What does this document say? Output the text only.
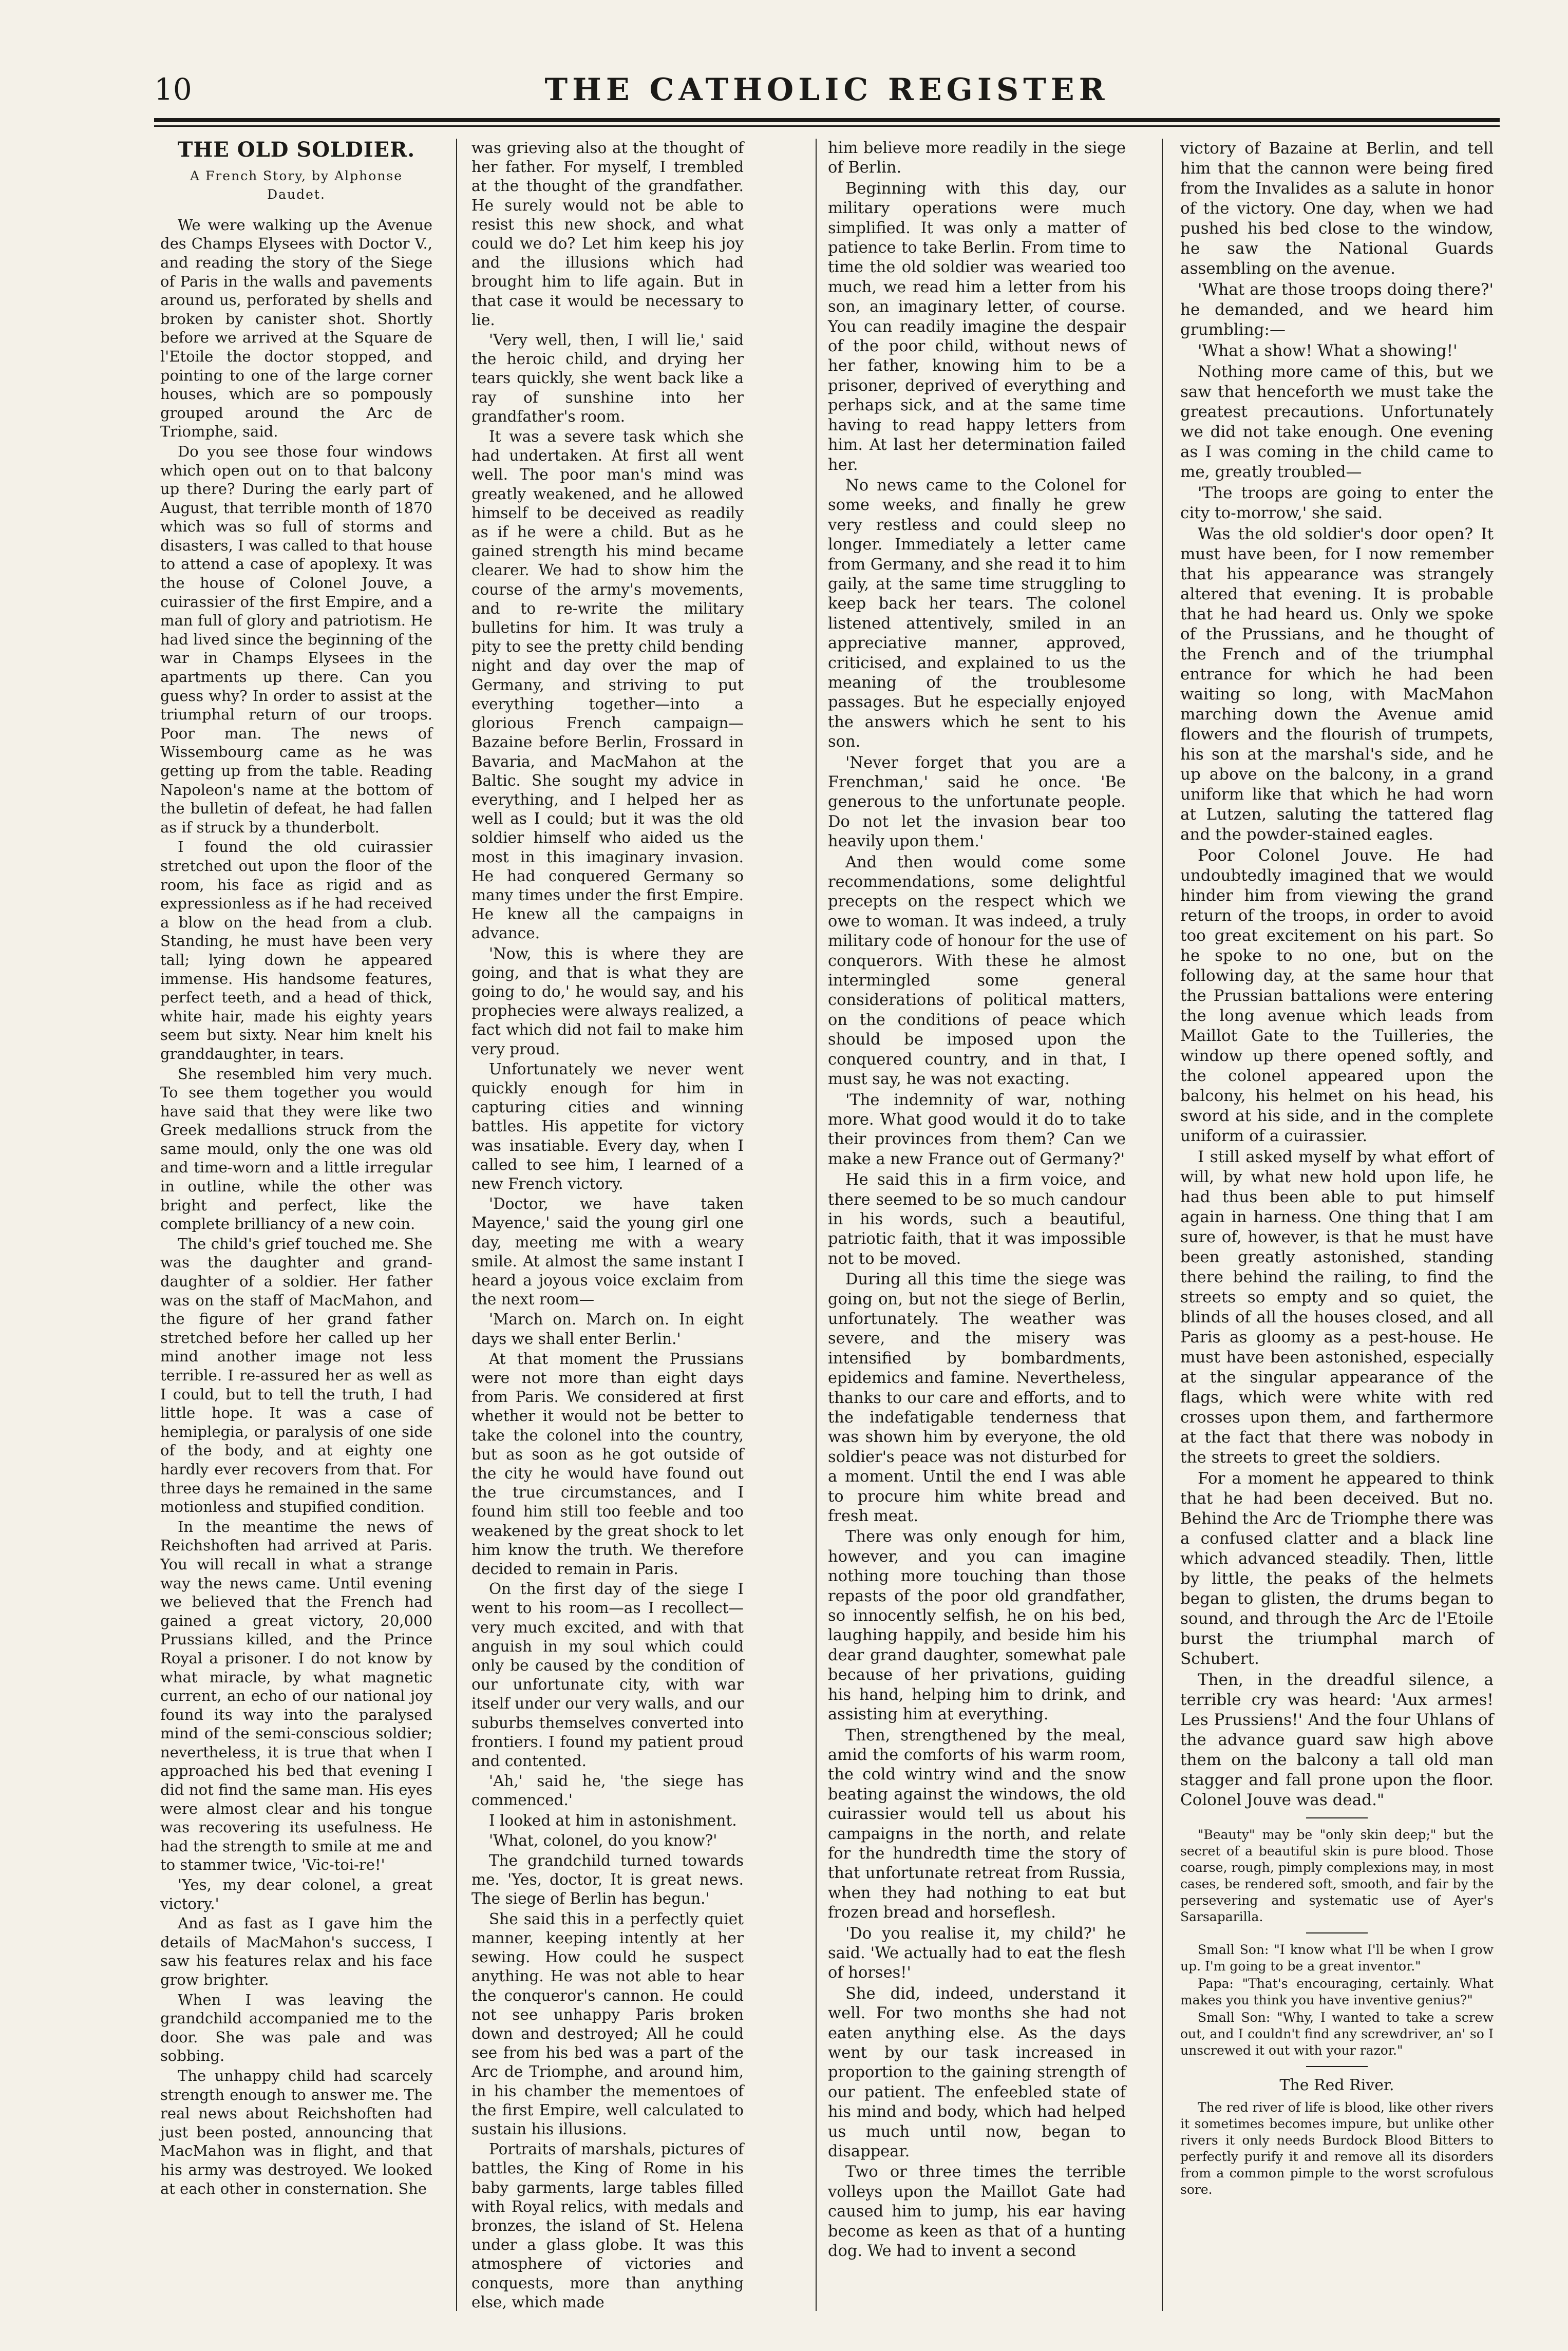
10	THE CATHOLIC REGISTER
THE OLD SOLDIER.
A French Story, by Alphonse Daudet.

We were walking up the Avenue des Champs Elysees with Doctor V., and reading the story of the Siege of Paris in the walls and pavements around us, perforated by shells and broken by canister shot. Shortly before we arrived at the Square de l'Etoile the doctor stopped, and pointing to one of the large corner houses, which are so pompously grouped around the Arc de Triomphe, said.

Do you see those four windows which open out on to that balcony up there? During the early part of August, that terrible month of 1870 which was so full of storms and disasters, I was called to that house to attend a case of apoplexy. It was the house of Colonel Jouve, a cuirassier of the first Empire, and a man full of glory and patriotism. He had lived since the beginning of the war in Champs Elysees in the apartments up there. Can you guess why? In order to assist at the triumphal return of our troops. Poor man. The news of Wissembourg came as he was getting up from the table. Reading Napoleon's name at the bottom of the bulletin of defeat, he had fallen as if struck by a thunderbolt.

I found the old cuirassier stretched out upon the floor of the room, his face as rigid and as expressionless as if he had received a blow on the head from a club. Standing, he must have been very tall; lying down he appeared immense. His handsome features, perfect teeth, and a head of thick, white hair, made his eighty years seem but sixty. Near him knelt his granddaughter, in tears.

She resembled him very much. To see them together you would have said that they were like two Greek medallions struck from the same mould, only the one was old and time-worn and a little irregular in outline, while the other was bright and perfect, like the complete brilliancy of a new coin.

The child's grief touched me. She was the daughter and grand-daughter of a soldier. Her father was on the staff of MacMahon, and the figure of her grand father stretched before her called up her mind another image not less terrible. I re-assured her as well as I could, but to tell the truth, I had little hope. It was a case of hemiplegia, or paralysis of one side of the body, and at eighty one hardly ever recovers from that. For three days he remained in the same motionless and stupified condition.

In the meantime the news of Reichshoften had arrived at Paris. You will recall in what a strange way the news came. Until evening we believed that the French had gained a great victory, 20,000 Prussians killed, and the Prince Royal a prisoner. I do not know by what miracle, by what magnetic current, an echo of our national joy found its way into the paralysed mind of the semi-conscious soldier; nevertheless, it is true that when I approached his bed that evening I did not find the same man. His eyes were almost clear and his tongue was recovering its usefulness. He had the strength to smile at me and to stammer twice, 'Vic-toi-re!'

'Yes, my dear colonel, a great victory.'

And as fast as I gave him the details of MacMahon's success, I saw his features relax and his face grow brighter.

When I was leaving the grandchild accompanied me to the door. She was pale and was sobbing.

The unhappy child had scarcely strength enough to answer me. The real news about Reichshoften had just been posted, announcing that MacMahon was in flight, and that his army was destroyed. We looked at each other in consternation. She

was grieving also at the thought of her father. For myself, I trembled at the thought of the grandfather. He surely would not be able to resist this new shock, and what could we do? Let him keep his joy and the illusions which had brought him to life again. But in that case it would be necessary to lie.

'Very well, then, I will lie,' said the heroic child, and drying her tears quickly, she went back like a ray of sunshine into her grandfather's room.

It was a severe task which she had undertaken. At first all went well. The poor man's mind was greatly weakened, and he allowed himself to be deceived as readily as if he were a child. But as he gained strength his mind became clearer. We had to show him the course of the army's movements, and to re-write the military bulletins for him. It was truly a pity to see the pretty child bending night and day over the map of Germany, and striving to put everything together—into a glorious French campaign—Bazaine before Berlin, Frossard in Bavaria, and MacMahon at the Baltic. She sought my advice in everything, and I helped her as well as I could; but it was the old soldier himself who aided us the most in this imaginary invasion. He had conquered Germany so many times under the first Empire. He knew all the campaigns in advance.

'Now, this is where they are going, and that is what they are going to do,' he would say, and his prophecies were always realized, a fact which did not fail to make him very proud.

Unfortunately we never went quickly enough for him in capturing cities and winning battles. His appetite for victory was insatiable. Every day, when I called to see him, I learned of a new French victory.

'Doctor, we have taken Mayence,' said the young girl one day, meeting me with a weary smile. At almost the same instant I heard a joyous voice exclaim from the next room—

'March on. March on. In eight days we shall enter Berlin.'

At that moment the Prussians were not more than eight days from Paris. We considered at first whether it would not be better to take the colonel into the country, but as soon as he got outside of the city he would have found out the true circumstances, and I found him still too feeble and too weakened by the great shock to let him know the truth. We therefore decided to remain in Paris.

On the first day of the siege I went to his room—as I recollect—very much excited, and with that anguish in my soul which could only be caused by the condition of our unfortunate city, with war itself under our very walls, and our suburbs themselves converted into frontiers. I found my patient proud and contented.

'Ah,' said he, 'the siege has commenced.'

I looked at him in astonishment.

'What, colonel, do you know?'

The grandchild turned towards me. 'Yes, doctor, It is great news. The siege of Berlin has begun.'

She said this in a perfectly quiet manner, keeping intently at her sewing. How could he suspect anything. He was not able to hear the conqueror's cannon. He could not see unhappy Paris broken down and destroyed; All he could see from his bed was a part of the Arc de Triomphe, and around him, in his chamber the mementoes of the first Empire, well calculated to sustain his illusions.

Portraits of marshals, pictures of battles, the King of Rome in his baby garments, large tables filled with Royal relics, with medals and bronzes, the island of St. Helena under a glass globe. It was this atmosphere of victories and conquests, more than anything else, which made

him believe more readily in the siege of Berlin.

Beginning with this day, our military operations were much simplified. It was only a matter of patience to take Berlin. From time to time the old soldier was wearied too much, we read him a letter from his son, an imaginary letter, of course. You can readily imagine the despair of the poor child, without news of her father, knowing him to be a prisoner, deprived of everything and perhaps sick, and at the same time having to read happy letters from him. At last her determination failed her.

No news came to the Colonel for some weeks, and finally he grew very restless and could sleep no longer. Immediately a letter came from Germany, and she read it to him gaily, at the same time struggling to keep back her tears. The colonel listened attentively, smiled in an appreciative manner, approved, criticised, and explained to us the meaning of the troublesome passages. But he especially enjoyed the answers which he sent to his son.

'Never forget that you are a Frenchman,' said he once. 'Be generous to the unfortunate people. Do not let the invasion bear too heavily upon them.'

And then would come some recommendations, some delightful precepts on the respect which we owe to woman. It was indeed, a truly military code of honour for the use of conquerors. With these he almost intermingled some general considerations of political matters, on the conditions of peace which should be imposed upon the conquered country, and in that, I must say, he was not exacting.

'The indemnity of war, nothing more. What good would it do to take their provinces from them? Can we make a new France out of Germany?'

He said this in a firm voice, and there seemed to be so much candour in his words, such a beautiful, patriotic faith, that it was impossible not to be moved.

During all this time the siege was going on, but not the siege of Berlin, unfortunately. The weather was severe, and the misery was intensified by bombardments, epidemics and famine. Nevertheless, thanks to our care and efforts, and to the indefatigable tenderness that was shown him by everyone, the old soldier's peace was not disturbed for a moment. Until the end I was able to procure him white bread and fresh meat.

There was only enough for him, however, and you can imagine nothing more touching than those repasts of the poor old grandfather, so innocently selfish, he on his bed, laughing happily, and beside him his dear grand daughter, somewhat pale because of her privations, guiding his hand, helping him to drink, and assisting him at everything.

Then, strengthened by the meal, amid the comforts of his warm room, the cold wintry wind and the snow beating against the windows, the old cuirassier would tell us about his campaigns in the north, and relate for the hundredth time the story of that unfortunate retreat from Russia, when they had nothing to eat but frozen bread and horseflesh.

'Do you realise it, my child?' he said. 'We actually had to eat the flesh of horses!'

She did, indeed, understand it well. For two months she had not eaten anything else. As the days went by our task increased in proportion to the gaining strength of our patient. The enfeebled state of his mind and body, which had helped us much until now, began to disappear.

Two or three times the terrible volleys upon the Maillot Gate had caused him to jump, his ear having become as keen as that of a hunting dog. We had to invent a second

victory of Bazaine at Berlin, and tell him that the cannon were being fired from the Invalides as a salute in honor of the victory. One day, when we had pushed his bed close to the window, he saw the National Guards assembling on the avenue.

'What are those troops doing there?' he demanded, and we heard him grumbling:—

'What a show! What a showing!'

Nothing more came of this, but we saw that henceforth we must take the greatest precautions. Unfortunately we did not take enough. One evening as I was coming in the child came to me, greatly troubled—

'The troops are going to enter the city to-morrow,' she said.

Was the old soldier's door open? It must have been, for I now remember that his appearance was strangely altered that evening. It is probable that he had heard us. Only we spoke of the Prussians, and he thought of the French and of the triumphal entrance for which he had been waiting so long, with MacMahon marching down the Avenue amid flowers and the flourish of trumpets, his son at the marshal's side, and he up above on the balcony, in a grand uniform like that which he had worn at Lutzen, saluting the tattered flag and the powder-stained eagles.

Poor Colonel Jouve. He had undoubtedly imagined that we would hinder him from viewing the grand return of the troops, in order to avoid too great excitement on his part. So he spoke to no one, but on the following day, at the same hour that the Prussian battalions were entering the long avenue which leads from Maillot Gate to the Tuilleries, the window up there opened softly, and the colonel appeared upon the balcony, his helmet on his head, his sword at his side, and in the complete uniform of a cuirassier.

I still asked myself by what effort of will, by what new hold upon life, he had thus been able to put himself again in harness. One thing that I am sure of, however, is that he must have been greatly astonished, standing there behind the railing, to find the streets so empty and so quiet, the blinds of all the houses closed, and all Paris as gloomy as a pest-house. He must have been astonished, especially at the singular appearance of the flags, which were white with red crosses upon them, and farthermore at the fact that there was nobody in the streets to greet the soldiers.

For a moment he appeared to think that he had been deceived. But no. Behind the Arc de Triomphe there was a confused clatter and a black line which advanced steadily. Then, little by little, the peaks of the helmets began to glisten, the drums began to sound, and through the Arc de l'Etoile burst the triumphal march of Schubert.

Then, in the dreadful silence, a terrible cry was heard: 'Aux armes! Les Prussiens!' And the four Uhlans of the advance guard saw high above them on the balcony a tall old man stagger and fall prone upon the floor. Colonel Jouve was dead."

"Beauty" may be "only skin deep;" but the secret of a beautiful skin is pure blood. Those coarse, rough, pimply complexions may, in most cases, be rendered soft, smooth, and fair by the persevering and systematic use of Ayer's Sarsaparilla.

Small Son: "I know what I'll be when I grow up. I'm going to be a great inventor."

Papa: "That's encouraging, certainly. What makes you think you have inventive genius?"

Small Son: "Why, I wanted to take a screw out, and I couldn't find any screwdriver, an' so I unscrewed it out with your razor."

The Red River.

The red river of life is blood, like other rivers it sometimes becomes impure, but unlike other rivers it only needs Burdock Blood Bitters to perfectly purify it and remove all its disorders from a common pimple to the worst scrofulous sore.
